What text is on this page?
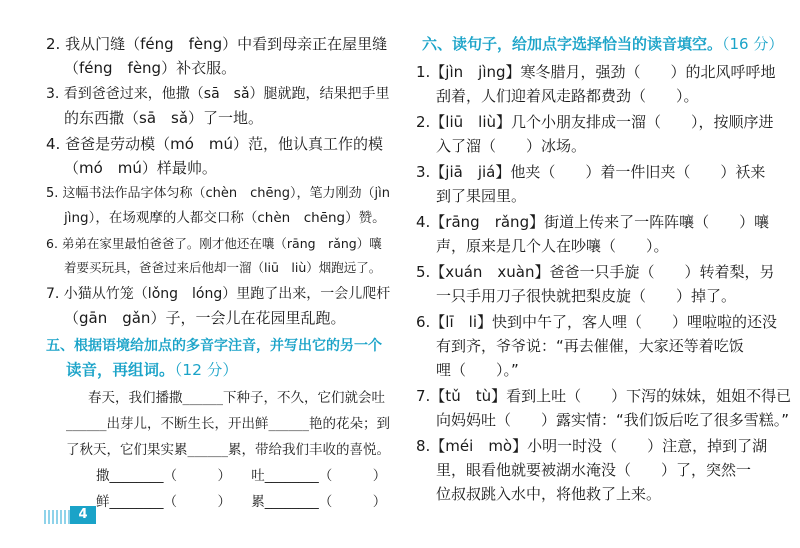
2. 我从门缝（féng　fèng）中看到母亲正在屋里缝
（féng　fèng）补衣服。
3. 看到爸爸过来，他撒（sā　sǎ）腿就跑，结果把手里
的东西撒（sā　sǎ）了一地。
4. 爸爸是劳动模（mó　mú）范，他认真工作的模
（mó　mú）样最帅。
5. 这幅书法作品字体匀称（chèn　chēng），笔力刚劲（jìn
jìng），在场观摩的人都交口称（chèn　chēng）赞。
6. 弟弟在家里最怕爸爸了。刚才他还在嚷（rāng　rǎng）嚷
着要买玩具，爸爸过来后他却一溜（liū　liù）烟跑远了。
7. 小猫从竹笼（lǒng　lóng）里跑了出来，一会儿爬杆
（gān　gǎn）子，一会儿在花园里乱跑。
五、根据语境给加点的多音字注音，并写出它的另一个
读音，再组词。（12 分）
春天，我们播撒______下种子，不久，它们就会吐
______出芽儿，不断生长，开出鲜______艳的花朵；到
了秋天，它们果实累______累，带给我们丰收的喜悦。
撒________（　　　）　　吐________（　　　）
鲜________（　　　）　　累________（　　　）
4
六、读句子，给加点字选择恰当的读音填空。（16 分）
1.【jìn　jìng】寒冬腊月，强劲（　　）的北风呼呼地
刮着，人们迎着风走路都费劲（　　）。
2.【liū　liù】几个小朋友排成一溜（　　），按顺序进
入了溜（　　）冰场。
3.【jiā　jiá】他夹（　　）着一件旧夹（　　）袄来
到了果园里。
4.【rāng　rǎng】街道上传来了一阵阵嚷（　　）嚷
声，原来是几个人在吵嚷（　　）。
5.【xuán　xuàn】爸爸一只手旋（　　）转着梨，另
一只手用刀子很快就把梨皮旋（　　）掉了。
6.【lī　li】快到中午了，客人哩（　　）哩啦啦的还没
有到齐，爷爷说：“再去催催，大家还等着吃饭
哩（　　）。”
7.【tǔ　tù】看到上吐（　　）下泻的妹妹，姐姐不得已
向妈妈吐（　　）露实情：“我们饭后吃了很多雪糕。”
8.【méi　mò】小明一时没（　　）注意，掉到了湖
里，眼看他就要被湖水淹没（　　）了，突然一
位叔叔跳入水中，将他救了上来。
